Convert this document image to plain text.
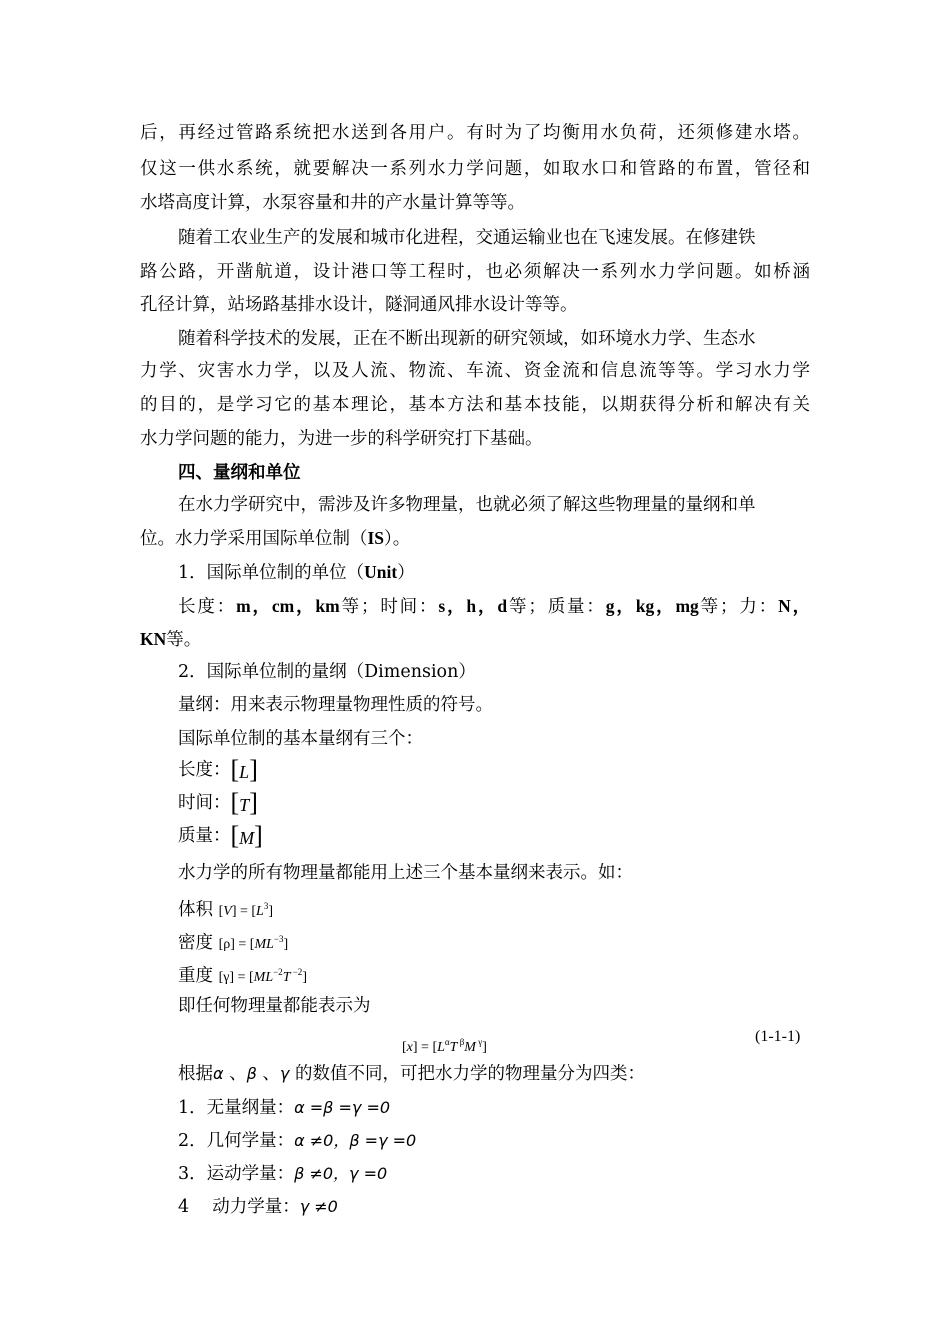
后，再经过管路系统把水送到各用户。有时为了均衡用水负荷，还须修建水塔。
仅这一供水系统，就要解决一系列水力学问题，如取水口和管路的布置，管径和
水塔高度计算，水泵容量和井的产水量计算等等。
随着工农业生产的发展和城市化进程，交通运输业也在飞速发展。在修建铁
路公路，开凿航道，设计港口等工程时，也必须解决一系列水力学问题。如桥涵
孔径计算，站场路基排水设计，隧洞通风排水设计等等。
随着科学技术的发展，正在不断出现新的研究领域，如环境水力学、生态水
力学、灾害水力学，以及人流、物流、车流、资金流和信息流等等。学习水力学
的目的，是学习它的基本理论，基本方法和基本技能，以期获得分析和解决有关
水力学问题的能力，为进一步的科学研究打下基础。
四、量纲和单位
在水力学研究中，需涉及许多物理量，也就必须了解这些物理量的量纲和单
位。水力学采用国际单位制（IS）。
1．国际单位制的单位（Unit）
长度：m，cm，km等；时间：s，h，d等；质量：g，kg，mg等；力：N，
KN等。
2．国际单位制的量纲（Dimension）
量纲：用来表示物理量物理性质的符号。
国际单位制的基本量纲有三个：
长度：[L]
时间：[T]
质量：[M]
水力学的所有物理量都能用上述三个基本量纲来表示。如：
体积 $[V] = [L^3]$
密度 $[\rho] = [ML^{-3}]$
重度 $[\gamma] = [ML^{-2}T$ $^{-2}$]
即任何物理量都能表示为
$[x] = [L^\alpha T$ $^\beta$M $^\gamma$]
(1-1-1)
根据α 、β 、γ 的数值不同，可把水力学的物理量分为四类：
1．无量纲量：α =β =γ =0
2．几何学量：α ≠0，β =γ =0
3．运动学量：β ≠0，γ =0
4　 动力学量：γ ≠0
